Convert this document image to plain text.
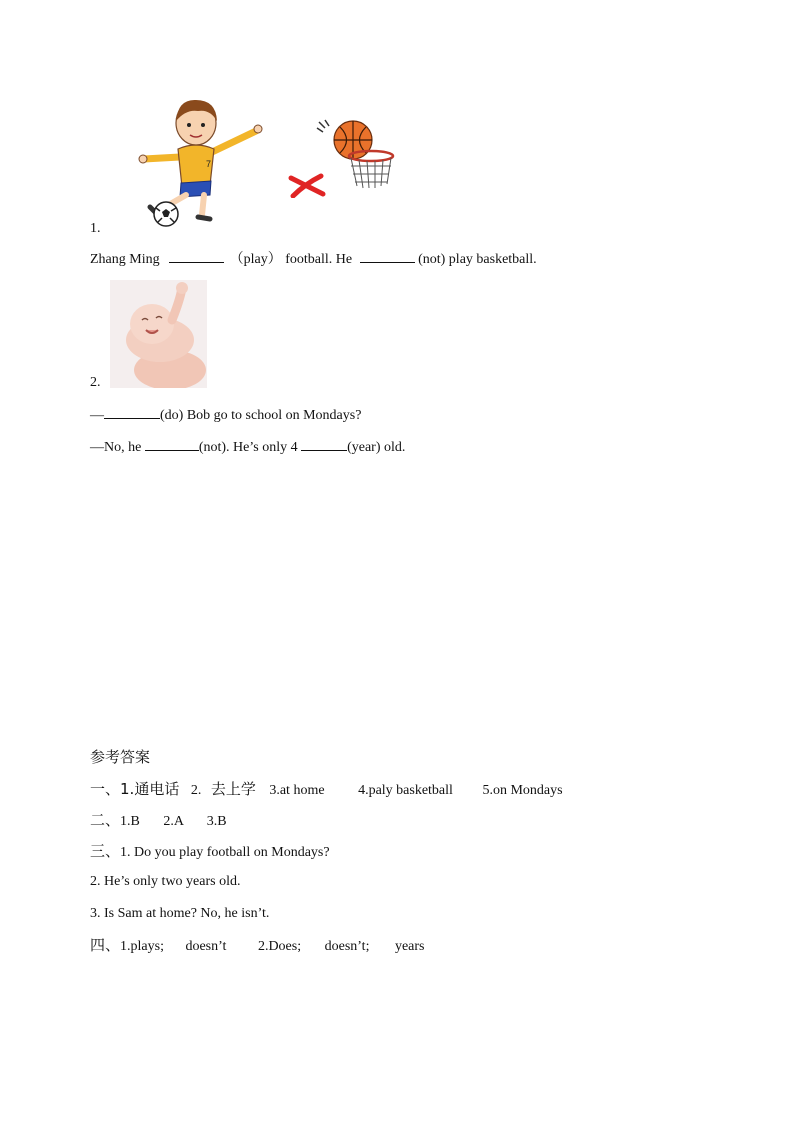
7
1.
Zhang Ming	（play） football. He	(not) play basketball.
2.
—	(do) Bob go to school on Mondays?
—No, he	(not). He’s only 4	(year) old.
参考答案
一、1.通电话 2. 去上学 3.at home 4.paly basketball 5.on Mondays
二、1.B 2.A 3.B
三、1. Do you play football on Mondays?
2. He’s only two years old.
3. Is Sam at home? No, he isn’t.
四、1.plays; doesn’t 2.Does; doesn’t; years
